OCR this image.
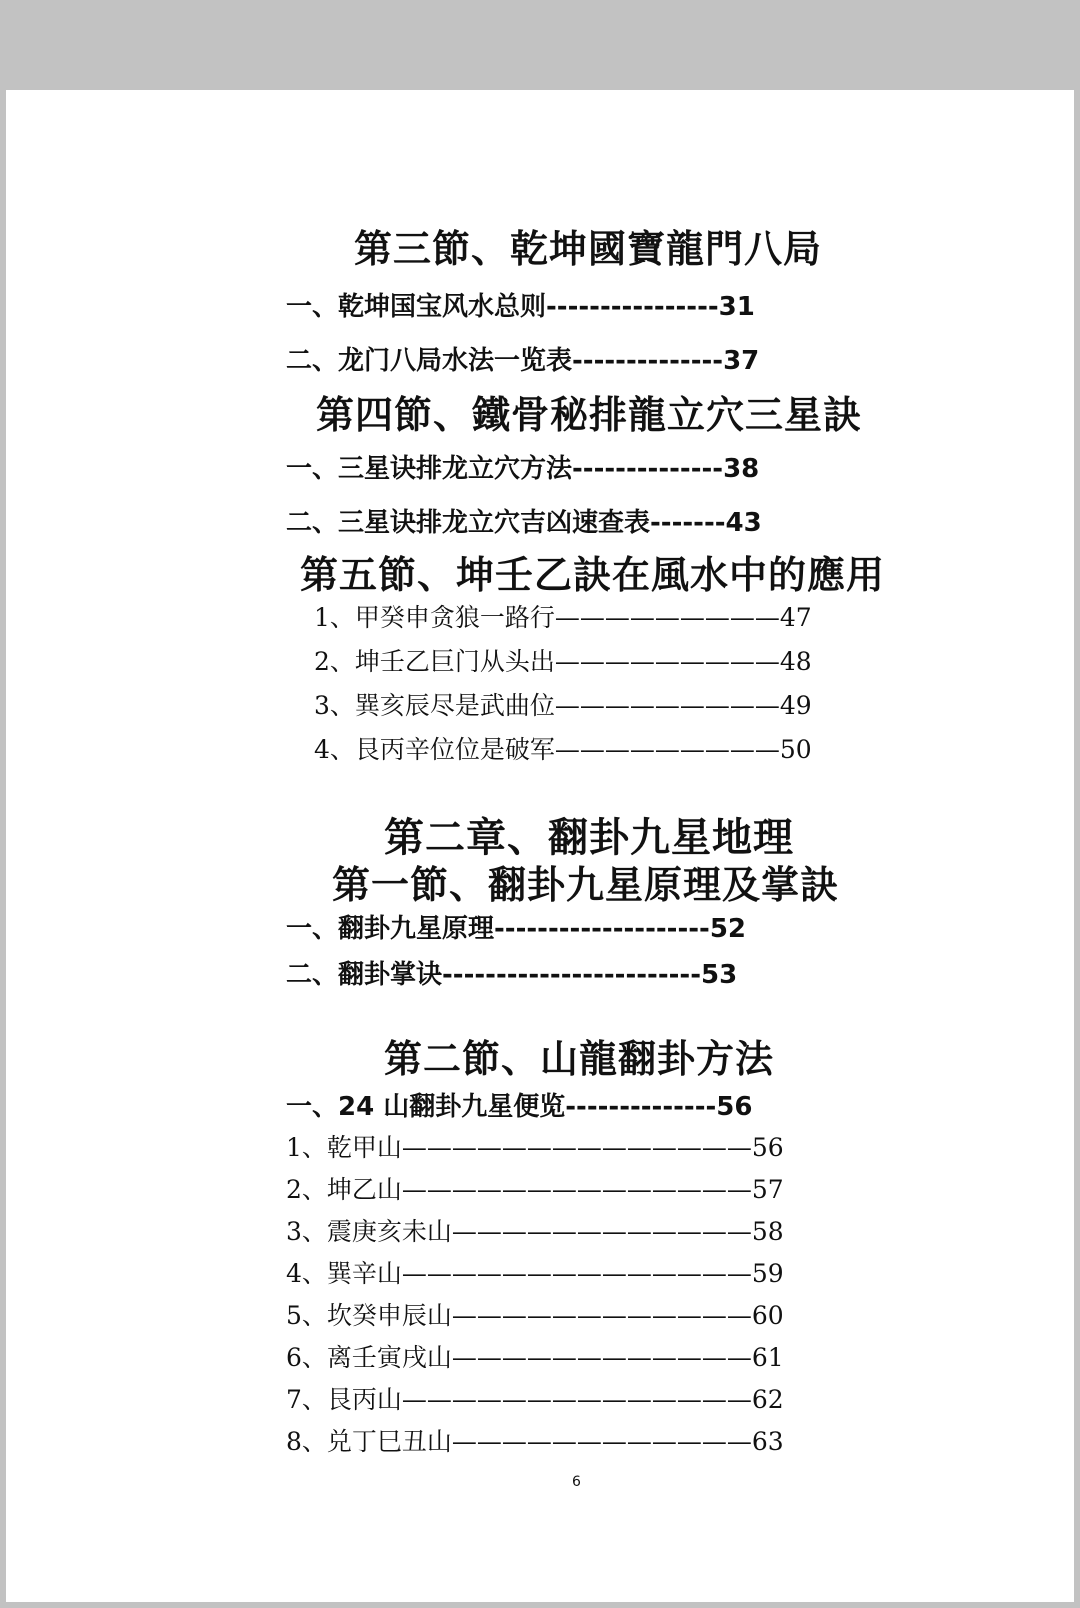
第三節、乾坤國寶龍門八局
一、乾坤国宝风水总则----------------31
二、龙门八局水法一览表--------------37
第四節、鐵骨秘排龍立穴三星訣
一、三星诀排龙立穴方法--------------38
二、三星诀排龙立穴吉凶速查表-------43
第五節、坤壬乙訣在風水中的應用
1、甲癸申贪狼一路行—————————47
2、坤壬乙巨门从头出—————————48
3、巽亥辰尽是武曲位—————————49
4、艮丙辛位位是破军—————————50
第二章、翻卦九星地理
第一節、翻卦九星原理及掌訣
一、翻卦九星原理--------------------52
二、翻卦掌诀------------------------53
第二節、山龍翻卦方法
一、24 山翻卦九星便览--------------56
1、乾甲山——————————————56
2、坤乙山——————————————57
3、震庚亥未山————————————58
4、巽辛山——————————————59
5、坎癸申辰山————————————60
6、离壬寅戌山————————————61
7、艮丙山——————————————62
8、兑丁巳丑山————————————63
6
